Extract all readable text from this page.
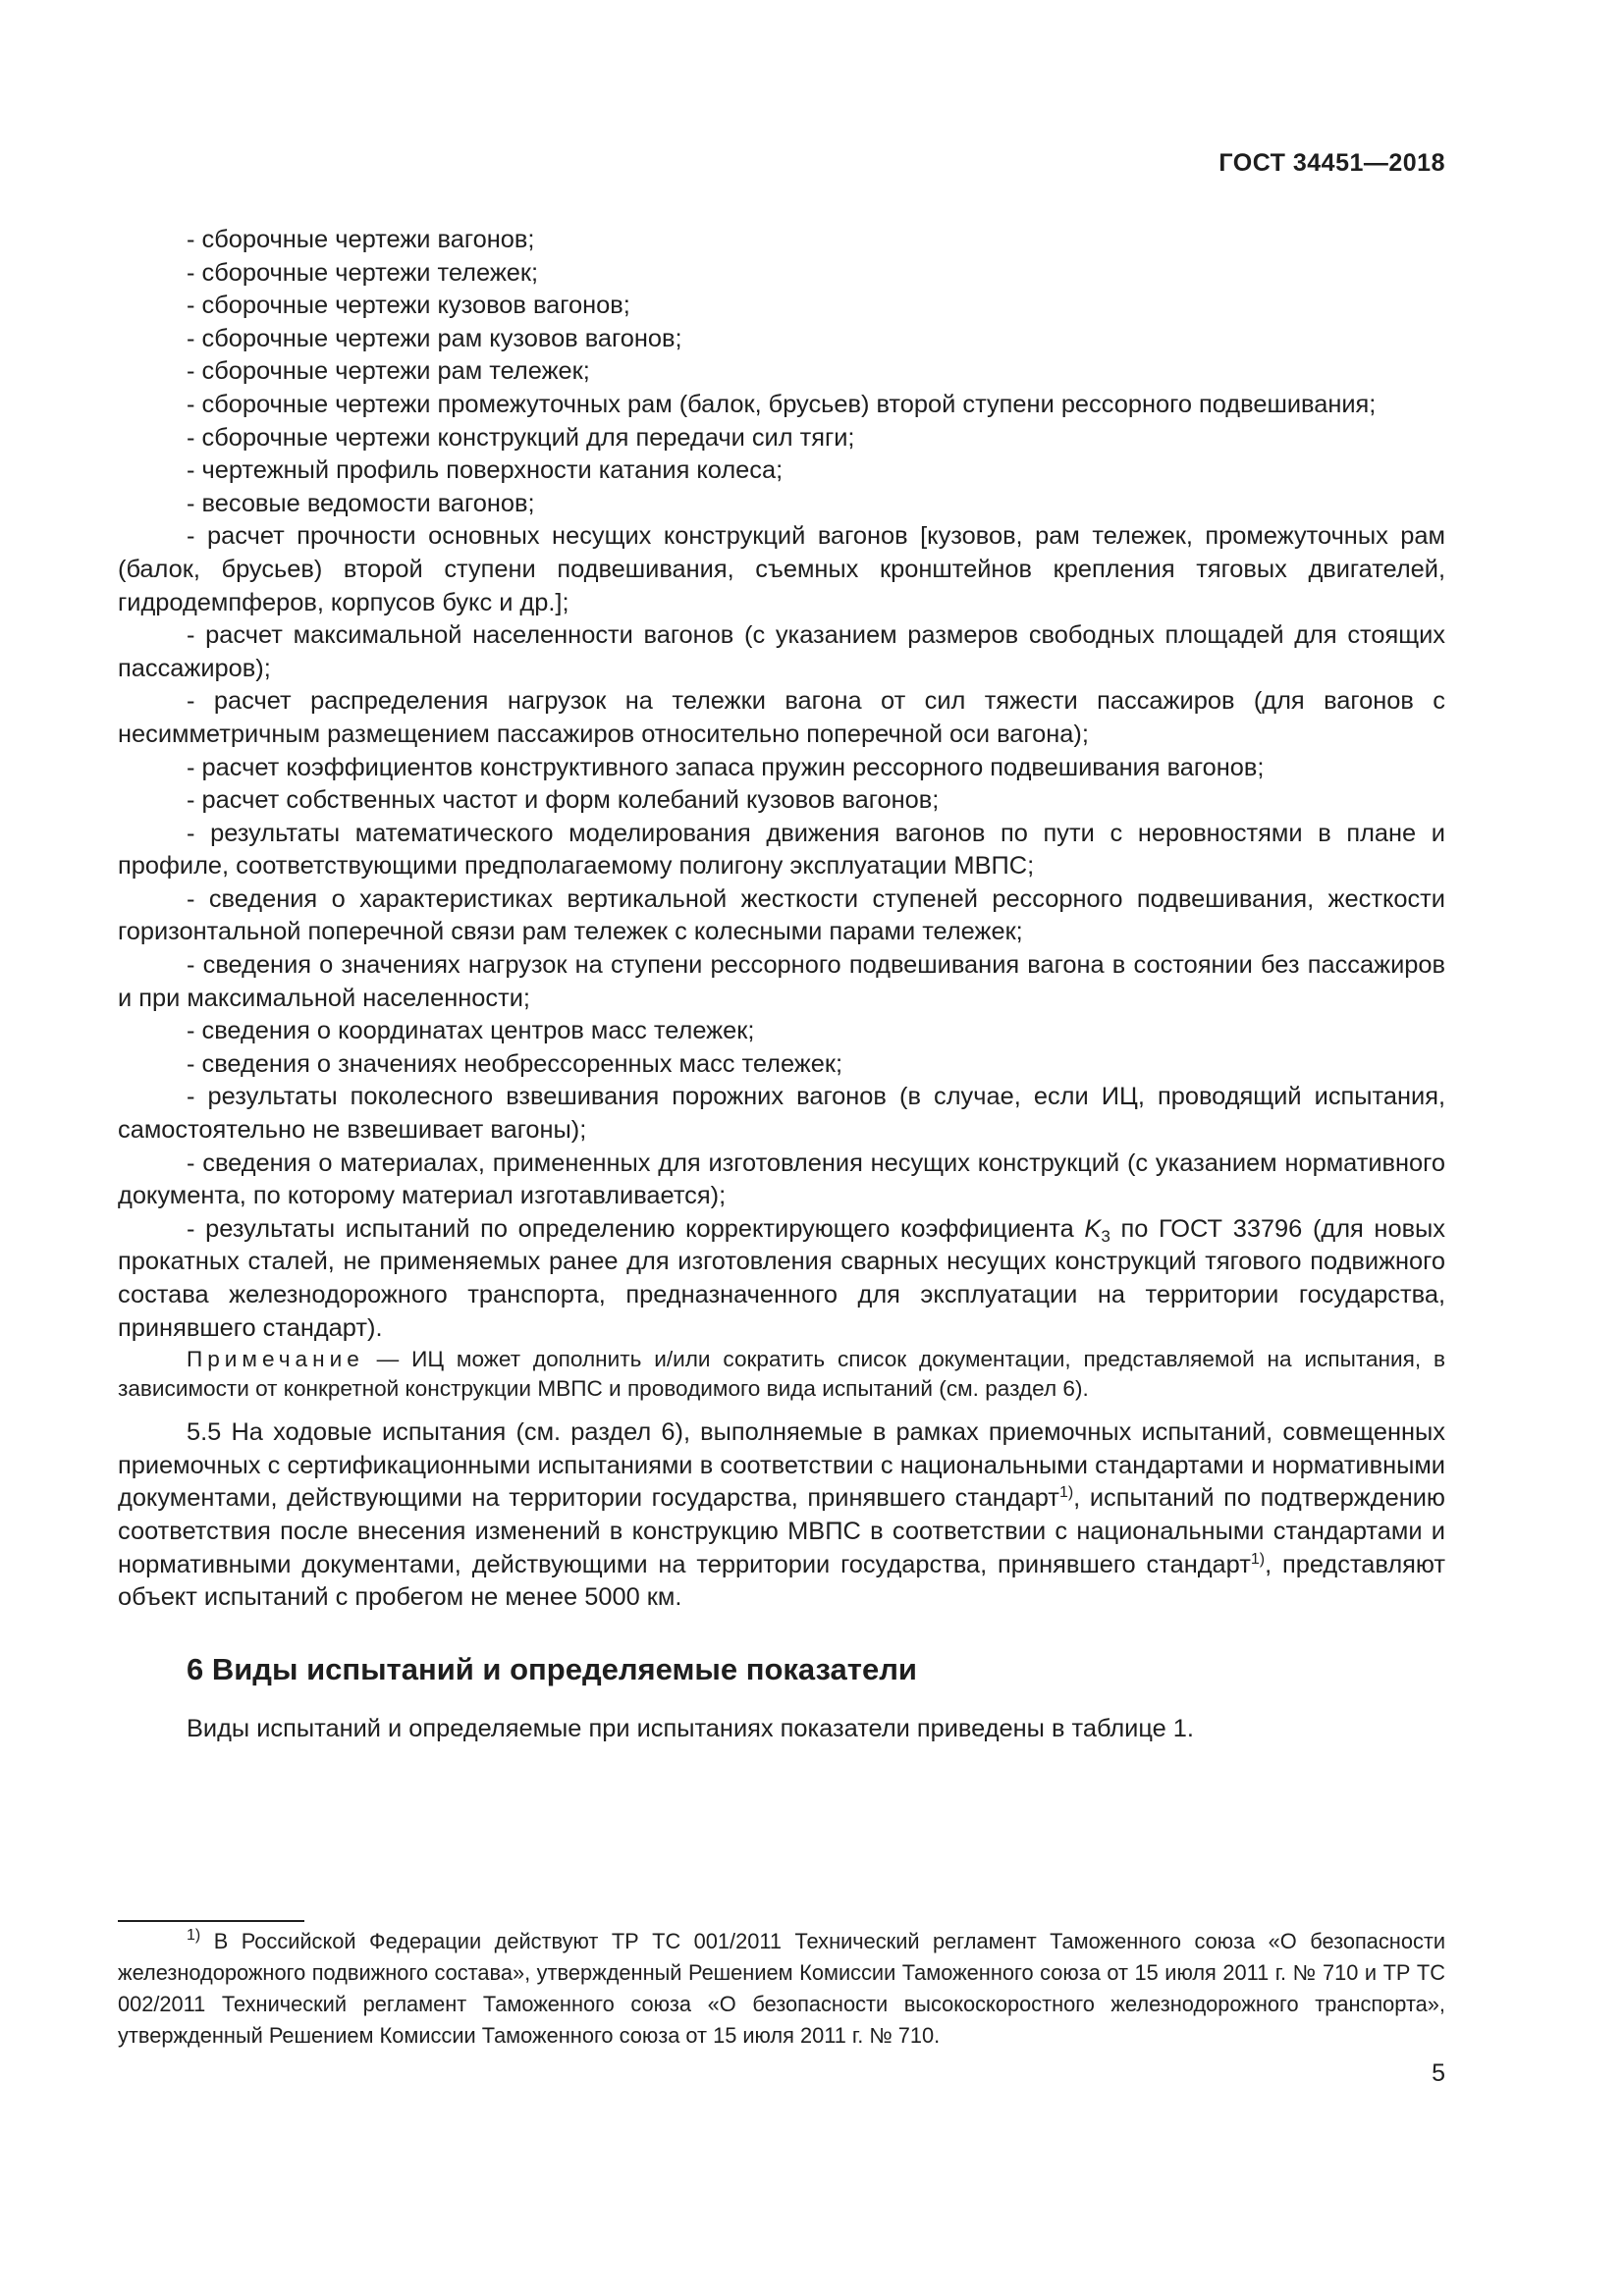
ГОСТ 34451—2018

- сборочные чертежи вагонов;

- сборочные чертежи тележек;

- сборочные чертежи кузовов вагонов;

- сборочные чертежи рам кузовов вагонов;

- сборочные чертежи рам тележек;

- сборочные чертежи промежуточных рам (балок, брусьев) второй ступени рессорного подвешивания;

- сборочные чертежи конструкций для передачи сил тяги;

- чертежный профиль поверхности катания колеса;

- весовые ведомости вагонов;

- расчет прочности основных несущих конструкций вагонов [кузовов, рам тележек, промежуточных рам (балок, брусьев) второй ступени подвешивания, съемных кронштейнов крепления тяговых двигателей, гидродемпферов, корпусов букс и др.];

- расчет максимальной населенности вагонов (с указанием размеров свободных площадей для стоящих пассажиров);

- расчет распределения нагрузок на тележки вагона от сил тяжести пассажиров (для вагонов с несимметричным размещением пассажиров относительно поперечной оси вагона);

- расчет коэффициентов конструктивного запаса пружин рессорного подвешивания вагонов;

- расчет собственных частот и форм колебаний кузовов вагонов;

- результаты математического моделирования движения вагонов по пути с неровностями в плане и профиле, соответствующими предполагаемому полигону эксплуатации МВПС;

- сведения о характеристиках вертикальной жесткости ступеней рессорного подвешивания, жесткости горизонтальной поперечной связи рам тележек с колесными парами тележек;

- сведения о значениях нагрузок на ступени рессорного подвешивания вагона в состоянии без пассажиров и при максимальной населенности;

- сведения о координатах центров масс тележек;

- сведения о значениях необрессоренных масс тележек;

- результаты поколесного взвешивания порожних вагонов (в случае, если ИЦ, проводящий испытания, самостоятельно не взвешивает вагоны);

- сведения о материалах, примененных для изготовления несущих конструкций (с указанием нормативного документа, по которому материал изготавливается);

- результаты испытаний по определению корректирующего коэффициента $K_3$ по ГОСТ 33796 (для новых прокатных сталей, не применяемых ранее для изготовления сварных несущих конструкций тягового подвижного состава железнодорожного транспорта, предназначенного для эксплуатации на территории государства, принявшего стандарт).

Примечание — ИЦ может дополнить и/или сократить список документации, представляемой на испытания, в зависимости от конкретной конструкции МВПС и проводимого вида испытаний (см. раздел 6).

5.5 На ходовые испытания (см. раздел 6), выполняемые в рамках приемочных испытаний, совмещенных приемочных с сертификационными испытаниями в соответствии с национальными стандартами и нормативными документами, действующими на территории государства, принявшего стандарт$^{1)}$, испытаний по подтверждению соответствия после внесения изменений в конструкцию МВПС в соответствии с национальными стандартами и нормативными документами, действующими на территории государства, принявшего стандарт$^{1)}$, представляют объект испытаний с пробегом не менее 5000 км.

6 Виды испытаний и определяемые показатели

Виды испытаний и определяемые при испытаниях показатели приведены в таблице 1.

$^{1)}$ В Российской Федерации действуют ТР ТС 001/2011 Технический регламент Таможенного союза «О безопасности железнодорожного подвижного состава», утвержденный Решением Комиссии Таможенного союза от 15 июля 2011 г. № 710 и ТР ТС 002/2011 Технический регламент Таможенного союза «О безопасности высокоскоростного железнодорожного транспорта», утвержденный Решением Комиссии Таможенного союза от 15 июля 2011 г. № 710.

5
